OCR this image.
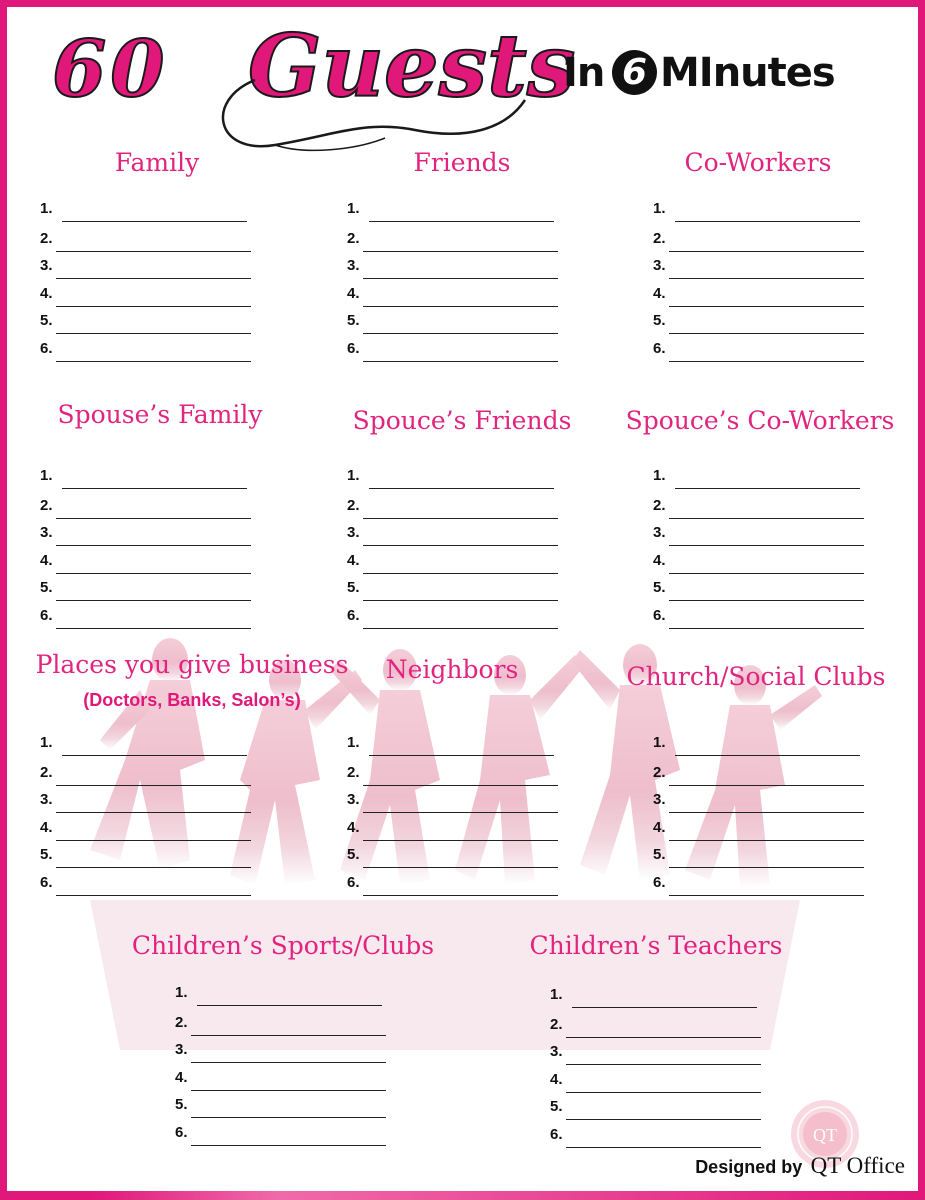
60 Guests
In 6 MInutes
Family
1.
2.
3.
4.
5.
6.
Friends
1.
2.
3.
4.
5.
6.
Co-Workers
1.
2.
3.
4.
5.
6.
Spouse’s Family
1.
2.
3.
4.
5.
6.
Spouce’s Friends
1.
2.
3.
4.
5.
6.
Spouce’s Co-Workers
1.
2.
3.
4.
5.
6.
Places you give business
(Doctors, Banks, Salon’s)
1.
2.
3.
4.
5.
6.
Neighbors
1.
2.
3.
4.
5.
6.
Church/Social Clubs
1.
2.
3.
4.
5.
6.
Children’s Sports/Clubs
1.
2.
3.
4.
5.
6.
Children’s Teachers
1.
2.
3.
4.
5.
6.	QT
Designed by QT Office
